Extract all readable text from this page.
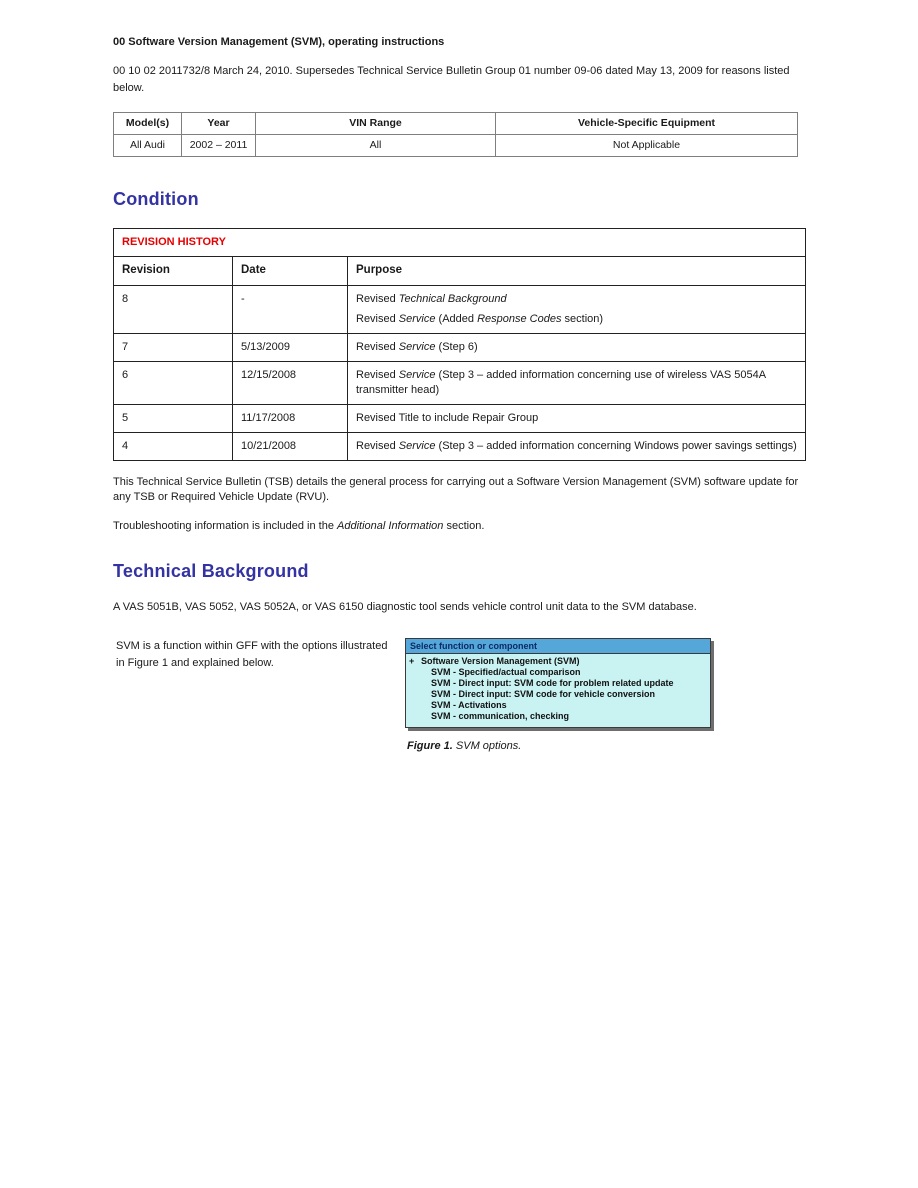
00 Software Version Management (SVM), operating instructions

00 10 02 2011732/8 March 24, 2010. Supersedes Technical Service Bulletin Group 01 number 09-06 dated May 13, 2009 for reasons listed below.

Model(s)	Year	VIN Range	Vehicle-Specific Equipment
All Audi	2002 – 2011	All	Not Applicable
Condition
REVISION HISTORY		
Revision	Date	Purpose
8	-	Revised Technical Background
Revised Service (Added Response Codes section)

7	5/13/2009	Revised Service (Step 6)

6	12/15/2008	Revised Service (Step 3 – added information concerning use of wireless VAS 5054A transmitter head)

5	11/17/2008	Revised Title to include Repair Group

4	10/21/2008	Revised Service (Step 3 – added information concerning Windows power savings settings)

This Technical Service Bulletin (TSB) details the general process for carrying out a Software Version Management (SVM) software update for any TSB or Required Vehicle Update (RVU).

Troubleshooting information is included in the Additional Information section.

Technical Background

A VAS 5051B, VAS 5052, VAS 5052A, or VAS 6150 diagnostic tool sends vehicle control unit data to the SVM database.

SVM is a function within GFF with the options illustrated in Figure 1 and explained below.
Select function or component
+ Software Version Management (SVM)
SVM - Specified/actual comparison
SVM - Direct input: SVM code for problem related update
SVM - Direct input: SVM code for vehicle conversion
SVM - Activations
SVM - communication, checking
Figure 1. SVM options.
